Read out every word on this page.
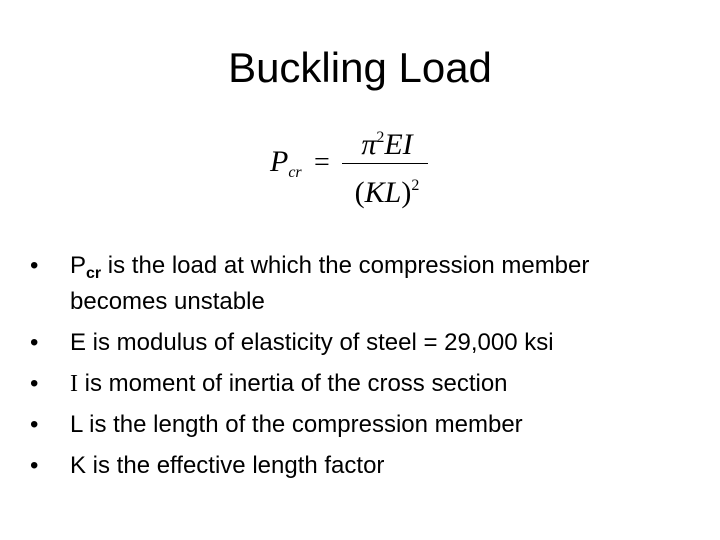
Buckling Load
$P_{cr}$ =
$\pi^2EI$
(KL)$^2$
•	$P_{cr}$ is the load at which the compression member becomes unstable
•	E is modulus of elasticity of steel = 29,000 ksi
•	I is moment of inertia of the cross section
•	L is the length of the compression member
•	K is the effective length factor
